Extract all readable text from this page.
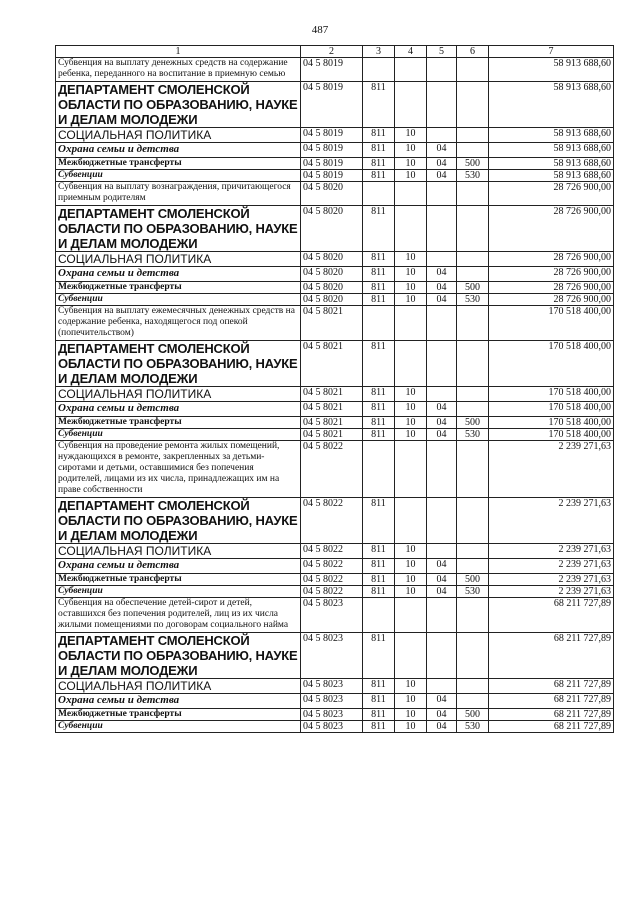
487
1	2	3	4	5	6	7
Субвенция на выплату денежных средств на содержание ребенка, переданного на воспитание в приемную семью	04 5 8019					58 913 688,60
ДЕПАРТАМЕНТ СМОЛЕНСКОЙ ОБЛАСТИ ПО ОБРАЗОВАНИЮ, НАУКЕ И ДЕЛАМ МОЛОДЕЖИ	04 5 8019	811				58 913 688,60
СОЦИАЛЬНАЯ ПОЛИТИКА	04 5 8019	811	10			58 913 688,60
Охрана семьи и детства	04 5 8019	811	10	04		58 913 688,60
Межбюджетные трансферты	04 5 8019	811	10	04	500	58 913 688,60
Субвенции	04 5 8019	811	10	04	530	58 913 688,60
Субвенция на выплату вознаграждения, причитающегося приемным родителям	04 5 8020					28 726 900,00
ДЕПАРТАМЕНТ СМОЛЕНСКОЙ ОБЛАСТИ ПО ОБРАЗОВАНИЮ, НАУКЕ И ДЕЛАМ МОЛОДЕЖИ	04 5 8020	811				28 726 900,00
СОЦИАЛЬНАЯ ПОЛИТИКА	04 5 8020	811	10			28 726 900,00
Охрана семьи и детства	04 5 8020	811	10	04		28 726 900,00
Межбюджетные трансферты	04 5 8020	811	10	04	500	28 726 900,00
Субвенции	04 5 8020	811	10	04	530	28 726 900,00
Субвенция на выплату ежемесячных денежных средств на содержание ребенка, находящегося под опекой (попечительством)	04 5 8021					170 518 400,00
ДЕПАРТАМЕНТ СМОЛЕНСКОЙ ОБЛАСТИ ПО ОБРАЗОВАНИЮ, НАУКЕ И ДЕЛАМ МОЛОДЕЖИ	04 5 8021	811				170 518 400,00
СОЦИАЛЬНАЯ ПОЛИТИКА	04 5 8021	811	10			170 518 400,00
Охрана семьи и детства	04 5 8021	811	10	04		170 518 400,00
Межбюджетные трансферты	04 5 8021	811	10	04	500	170 518 400,00
Субвенции	04 5 8021	811	10	04	530	170 518 400,00
Субвенция на проведение ремонта жилых помещений, нуждающихся в ремонте, закрепленных за детьми-сиротами и детьми, оставшимися без попечения родителей, лицами из их числа, принадлежащих им на праве собственности	04 5 8022					2 239 271,63
ДЕПАРТАМЕНТ СМОЛЕНСКОЙ ОБЛАСТИ ПО ОБРАЗОВАНИЮ, НАУКЕ И ДЕЛАМ МОЛОДЕЖИ	04 5 8022	811				2 239 271,63
СОЦИАЛЬНАЯ ПОЛИТИКА	04 5 8022	811	10			2 239 271,63
Охрана семьи и детства	04 5 8022	811	10	04		2 239 271,63
Межбюджетные трансферты	04 5 8022	811	10	04	500	2 239 271,63
Субвенции	04 5 8022	811	10	04	530	2 239 271,63
Субвенция на обеспечение детей-сирот и детей, оставшихся без попечения родителей, лиц из их числа жилыми помещениями по договорам социального найма	04 5 8023					68 211 727,89
ДЕПАРТАМЕНТ СМОЛЕНСКОЙ ОБЛАСТИ ПО ОБРАЗОВАНИЮ, НАУКЕ И ДЕЛАМ МОЛОДЕЖИ	04 5 8023	811				68 211 727,89
СОЦИАЛЬНАЯ ПОЛИТИКА	04 5 8023	811	10			68 211 727,89
Охрана семьи и детства	04 5 8023	811	10	04		68 211 727,89
Межбюджетные трансферты	04 5 8023	811	10	04	500	68 211 727,89
Субвенции	04 5 8023	811	10	04	530	68 211 727,89
